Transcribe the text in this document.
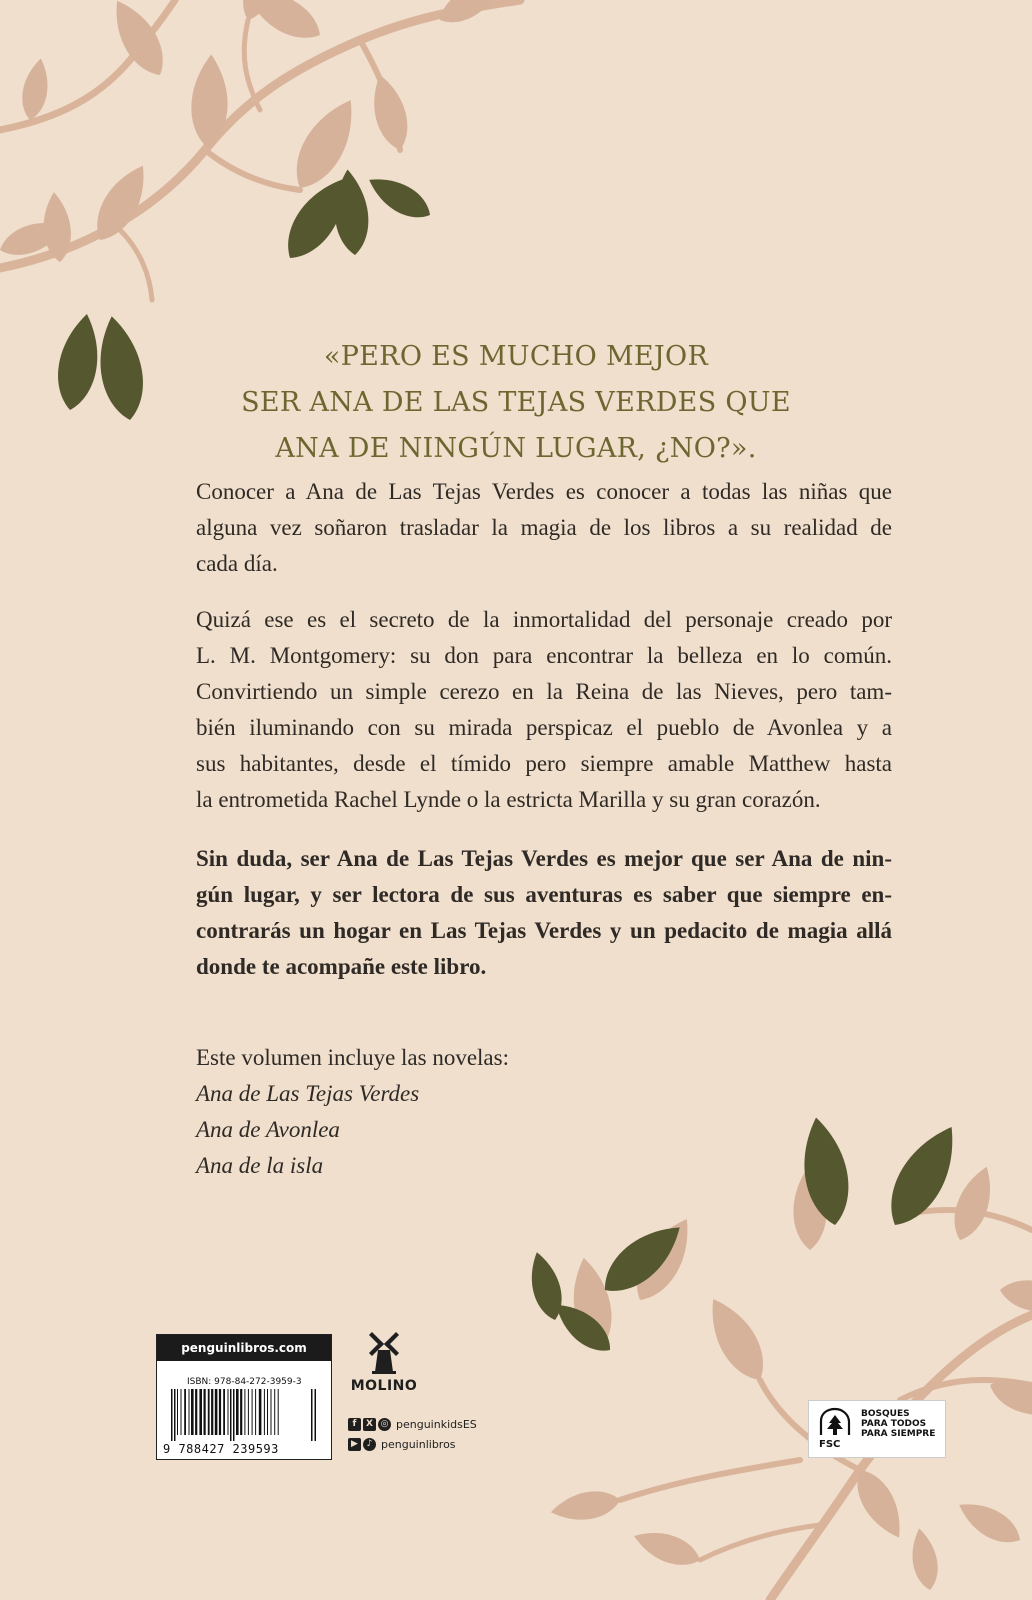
«PERO ES MUCHO MEJOR
SER ANA DE LAS TEJAS VERDES QUE
ANA DE NINGÚN LUGAR, ¿NO?».
Conocer a Ana de Las Tejas Verdes es conocer a todas las niñas que
alguna vez soñaron trasladar la magia de los libros a su realidad de
cada día.
Quizá ese es el secreto de la inmortalidad del personaje creado por
L. M. Montgomery: su don para encontrar la belleza en lo común.
Convirtiendo un simple cerezo en la Reina de las Nieves, pero tam-
bién iluminando con su mirada perspicaz el pueblo de Avonlea y a
sus habitantes, desde el tímido pero siempre amable Matthew hasta
la entrometida Rachel Lynde o la estricta Marilla y su gran corazón.
Sin duda, ser Ana de Las Tejas Verdes es mejor que ser Ana de nin-
gún lugar, y ser lectora de sus aventuras es saber que siempre en-
contrarás un hogar en Las Tejas Verdes y un pedacito de magia allá
donde te acompañe este libro.
Este volumen incluye las novelas:
Ana de Las Tejas Verdes
Ana de Avonlea
Ana de la isla
penguinlibros.com
ISBN: 978-84-272-3959-3
9 788427 239593
MOLINO
f	X ◎ penguinkidsES
▶ ♪ penguinlibros
BOSQUES
PARA TODOS
PARA SIEMPRE
FSC
